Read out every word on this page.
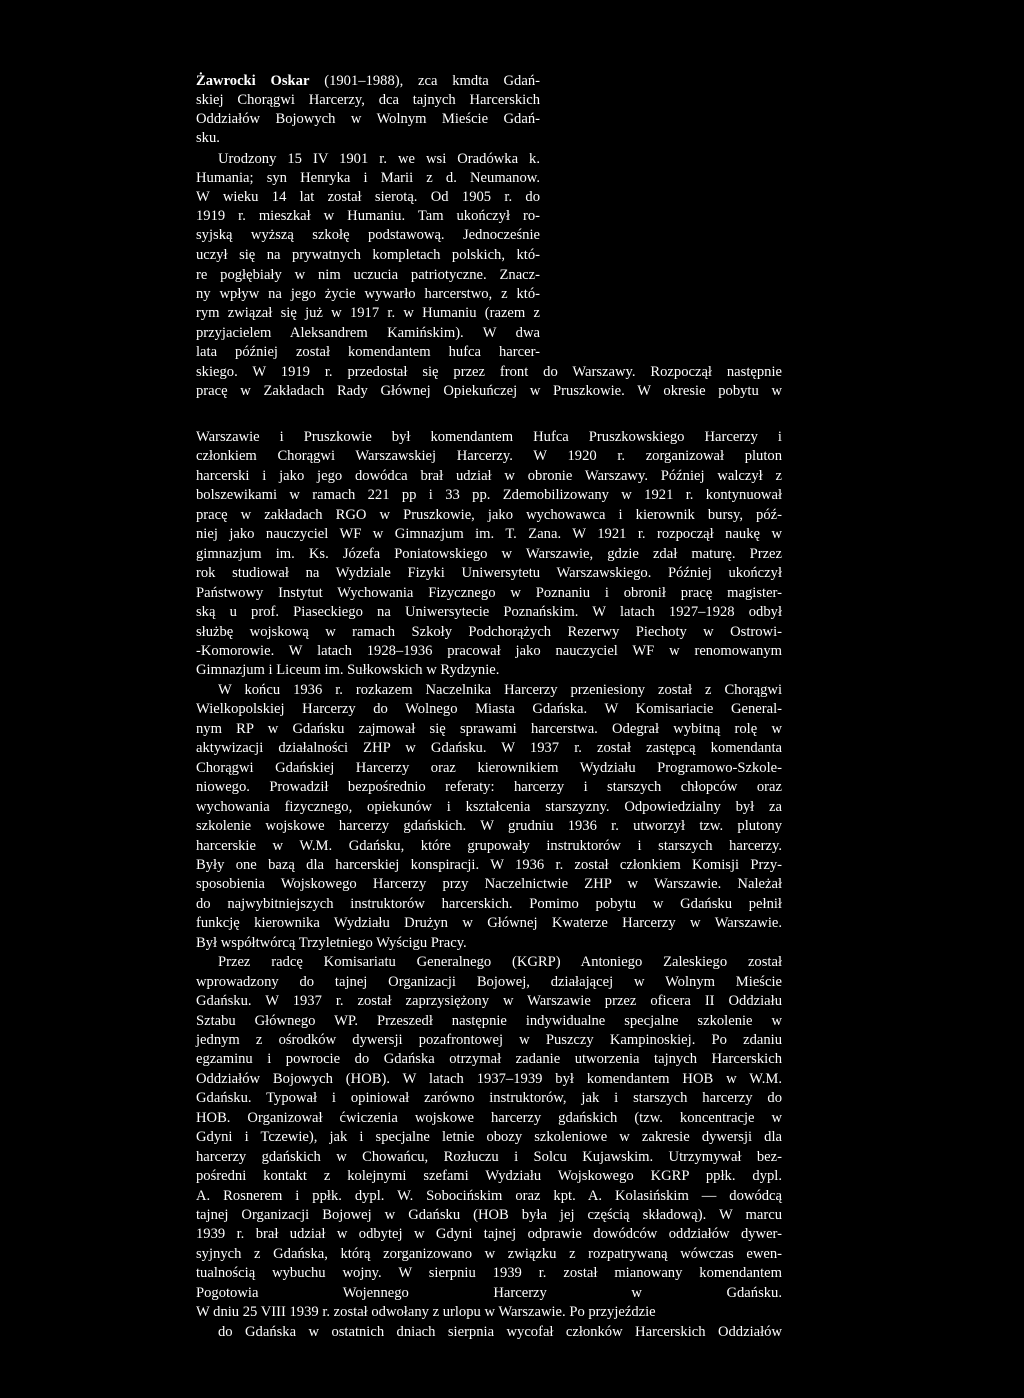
Żawrocki Oskar (1901–1988), zca kmdta Gdań-

skiej Chorągwi Harcerzy, dca tajnych Harcerskich

Oddziałów Bojowych w Wolnym Mieście Gdań-

sku.

Urodzony 15 IV 1901 r. we wsi Oradówka k.

Humania; syn Henryka i Marii z d. Neumanow.

W wieku 14 lat został sierotą. Od 1905 r. do

1919 r. mieszkał w Humaniu. Tam ukończył ro-

syjską wyższą szkołę podstawową. Jednocześnie

uczył się na prywatnych kompletach polskich, któ-

re pogłębiały w nim uczucia patriotyczne. Znacz-

ny wpływ na jego życie wywarło harcerstwo, z któ-

rym związał się już w 1917 r. w Humaniu (razem z

przyjacielem Aleksandrem Kamińskim). W dwa

lata później został komendantem hufca harcer-

skiego. W 1919 r. przedostał się przez front do Warszawy. Rozpoczął następnie

pracę w Zakładach Rady Głównej Opiekuńczej w Pruszkowie. W okresie pobytu w

Warszawie i Pruszkowie był komendantem Hufca Pruszkowskiego Harcerzy i

członkiem Chorągwi Warszawskiej Harcerzy. W 1920 r. zorganizował pluton

harcerski i jako jego dowódca brał udział w obronie Warszawy. Później walczył z

bolszewikami w ramach 221 pp i 33 pp. Zdemobilizowany w 1921 r. kontynuował

pracę w zakładach RGO w Pruszkowie, jako wychowawca i kierownik bursy, póź-

niej jako nauczyciel WF w Gimnazjum im. T. Zana. W 1921 r. rozpoczął naukę w

gimnazjum im. Ks. Józefa Poniatowskiego w Warszawie, gdzie zdał maturę. Przez

rok studiował na Wydziale Fizyki Uniwersytetu Warszawskiego. Później ukończył

Państwowy Instytut Wychowania Fizycznego w Poznaniu i obronił pracę magister-

ską u prof. Piaseckiego na Uniwersytecie Poznańskim. W latach 1927–1928 odbył

służbę wojskową w ramach Szkoły Podchorążych Rezerwy Piechoty w Ostrowi-

-Komorowie. W latach 1928–1936 pracował jako nauczyciel WF w renomowanym

Gimnazjum i Liceum im. Sułkowskich w Rydzynie.

W końcu 1936 r. rozkazem Naczelnika Harcerzy przeniesiony został z Chorągwi

Wielkopolskiej Harcerzy do Wolnego Miasta Gdańska. W Komisariacie General-

nym RP w Gdańsku zajmował się sprawami harcerstwa. Odegrał wybitną rolę w

aktywizacji działalności ZHP w Gdańsku. W 1937 r. został zastępcą komendanta

Chorągwi Gdańskiej Harcerzy oraz kierownikiem Wydziału Programowo-Szkole-

niowego. Prowadził bezpośrednio referaty: harcerzy i starszych chłopców oraz

wychowania fizycznego, opiekunów i kształcenia starszyzny. Odpowiedzialny był za

szkolenie wojskowe harcerzy gdańskich. W grudniu 1936 r. utworzył tzw. plutony

harcerskie w W.M. Gdańsku, które grupowały instruktorów i starszych harcerzy.

Były one bazą dla harcerskiej konspiracji. W 1936 r. został członkiem Komisji Przy-

sposobienia Wojskowego Harcerzy przy Naczelnictwie ZHP w Warszawie. Należał

do najwybitniejszych instruktorów harcerskich. Pomimo pobytu w Gdańsku pełnił

funkcję kierownika Wydziału Drużyn w Głównej Kwaterze Harcerzy w Warszawie.

Był współtwórcą Trzyletniego Wyścigu Pracy.

Przez radcę Komisariatu Generalnego (KGRP) Antoniego Zaleskiego został

wprowadzony do tajnej Organizacji Bojowej, działającej w Wolnym Mieście

Gdańsku. W 1937 r. został zaprzysiężony w Warszawie przez oficera II Oddziału

Sztabu Głównego WP. Przeszedł następnie indywidualne specjalne szkolenie w

jednym z ośrodków dywersji pozafrontowej w Puszczy Kampinoskiej. Po zdaniu

egzaminu i powrocie do Gdańska otrzymał zadanie utworzenia tajnych Harcerskich

Oddziałów Bojowych (HOB). W latach 1937–1939 był komendantem HOB w W.M.

Gdańsku. Typował i opiniował zarówno instruktorów, jak i starszych harcerzy do

HOB. Organizował ćwiczenia wojskowe harcerzy gdańskich (tzw. koncentracje w

Gdyni i Tczewie), jak i specjalne letnie obozy szkoleniowe w zakresie dywersji dla

harcerzy gdańskich w Chowańcu, Rozłuczu i Solcu Kujawskim. Utrzymywał bez-

pośredni kontakt z kolejnymi szefami Wydziału Wojskowego KGRP ppłk. dypl.

A. Rosnerem i ppłk. dypl. W. Sobocińskim oraz kpt. A. Kolasińskim — dowódcą

tajnej Organizacji Bojowej w Gdańsku (HOB była jej częścią składową). W marcu

1939 r. brał udział w odbytej w Gdyni tajnej odprawie dowódców oddziałów dywer-

syjnych z Gdańska, którą zorganizowano w związku z rozpatrywaną wówczas ewen-

tualnością wybuchu wojny. W sierpniu 1939 r. został mianowany komendantem

Pogotowia Wojennego Harcerzy w Gdańsku.

W dniu 25 VIII 1939 r. został odwołany z urlopu w Warszawie. Po przyjeździe

do Gdańska w ostatnich dniach sierpnia wycofał członków Harcerskich Oddziałów
